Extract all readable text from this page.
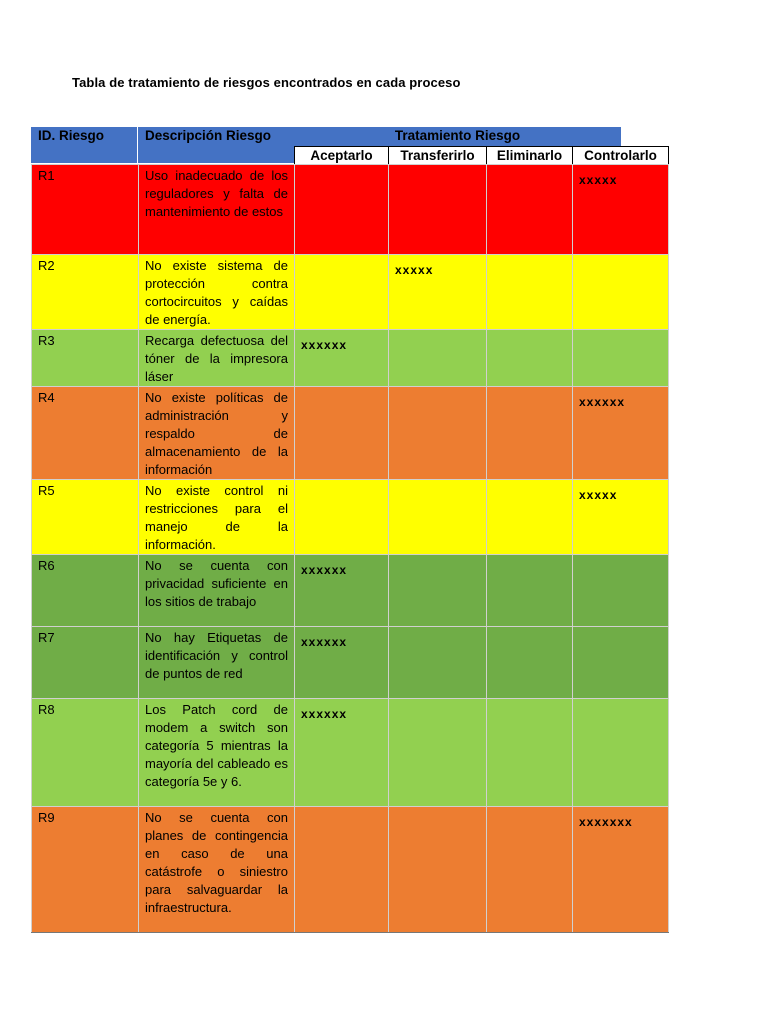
Tabla de tratamiento de riesgos encontrados en cada proceso
ID. Riesgo	Descripción Riesgo	Tratamiento Riesgo
Aceptarlo	Transferirlo	Eliminarlo	Controlarlo
R1	Uso inadecuado de los reguladores y falta de mantenimiento de estos				xxxxx
R2	No existe sistema de protección contra cortocircuitos y caídas de energía.		xxxxx		
R3	Recarga defectuosa del tóner de la impresora láser	xxxxxx			
R4	No existe políticas de administración y respaldo de almacenamiento de la información				xxxxxx
R5	No existe control ni restricciones para el manejo de la información.				xxxxx
R6	No se cuenta con privacidad suficiente en los sitios de trabajo	xxxxxx			
R7	No hay Etiquetas de identificación y control de puntos de red	xxxxxx			
R8	Los Patch cord de modem a switch son categoría 5 mientras la mayoría del cableado es categoría 5e y 6.	xxxxxx			
R9	No se cuenta con planes de contingencia en caso de una catástrofe o siniestro para salvaguardar la infraestructura.				xxxxxxx
